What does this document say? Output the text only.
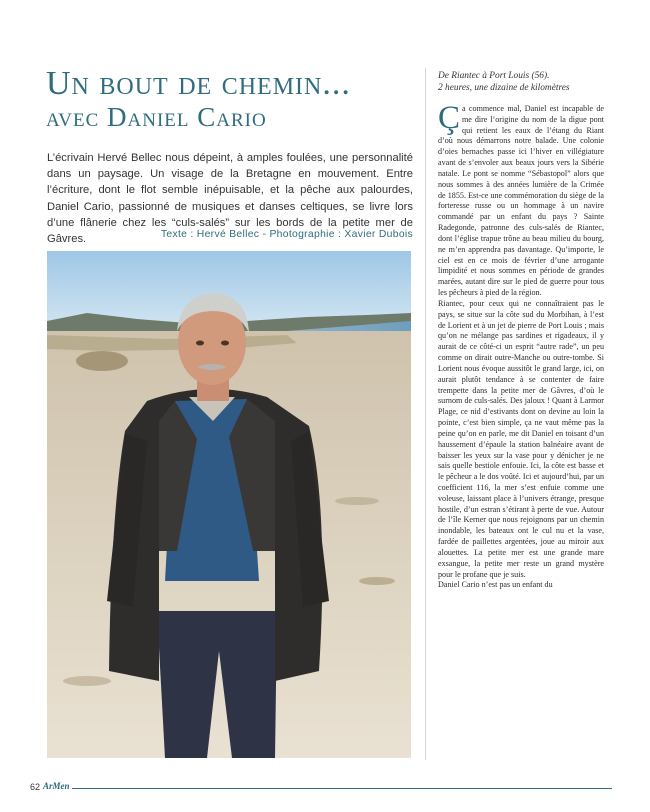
Un bout de chemin...
avec Daniel Cario
L’écrivain Hervé Bellec nous dépeint, à amples foulées, une personnalité dans un paysage. Un visage de la Bretagne en mouvement. Entre l’écriture, dont le flot semble inépuisable, et la pêche aux palourdes, Daniel Cario, passionné de musiques et danses celtiques, se livre lors d’une flânerie chez les “culs-salés” sur les bords de la petite mer de Gâvres.	Texte : Hervé Bellec - Photographie : Xavier Dubois
De Riantec à Port Louis (56).
2 heures, une dizaine de kilomètres

Ça commence mal, Daniel est incapable de me dire l’origine du nom de la digue pont qui retient les eaux de l’étang du Riant d’où nous démarrons notre balade. Une colonie d’oies bernaches passe ici l’hiver en villégiature avant de s’envoler aux beaux jours vers la Sibérie natale. Le pont se nomme “Sébastopol” alors que nous sommes à des années lumière de la Crimée de 1855. Est-ce une commémoration du siège de la forteresse russe ou un hommage à un navire commandé par un enfant du pays ? Sainte Radegonde, patronne des culs-salés de Riantec, dont l’église trapue trône au beau milieu du bourg, ne m’en apprendra pas davantage. Qu’importe, le ciel est en ce mois de février d’une arrogante limpidité et nous sommes en période de grandes marées, autant dire sur le pied de guerre pour tous les pêcheurs à pied de la région.

Riantec, pour ceux qui ne connaîtraient pas le pays, se situe sur la côte sud du Morbihan, à l’est de Lorient et à un jet de pierre de Port Louis ; mais qu’on ne mélange pas sardines et rigadeaux, il y aurait de ce côté-ci un esprit “autre rade”, un peu comme on dirait outre-Manche ou outre-tombe. Si Lorient nous évoque aussitôt le grand large, ici, on aurait plutôt tendance à se contenter de faire trempette dans la petite mer de Gâvres, d’où le surnom de culs-salés. Des jaloux ! Quant à Larmor Plage, ce nid d’estivants dont on devine au loin la pointe, c’est bien simple, ça ne vaut même pas la peine qu’on en parle, me dit Daniel en toisant d’un haussement d’épaule la station balnéaire avant de baisser les yeux sur la vase pour y dénicher je ne sais quelle bestiole enfouie. Ici, la côte est basse et le pêcheur a le dos voûté. Ici et aujourd’hui, par un coefficient 116, la mer s’est enfuie comme une voleuse, laissant place à l’univers étrange, presque hostile, d’un estran s’étirant à perte de vue. Autour de l’île Kerner que nous rejoignons par un chemin inondable, les bateaux ont le cul nu et la vase, fardée de paillettes argentées, joue au miroir aux alouettes. La petite mer est une grande mare exsangue, la petite mer reste un grand mystère pour le profane que je suis.

Daniel Cario n’est pas un enfant du

62 ArMen
